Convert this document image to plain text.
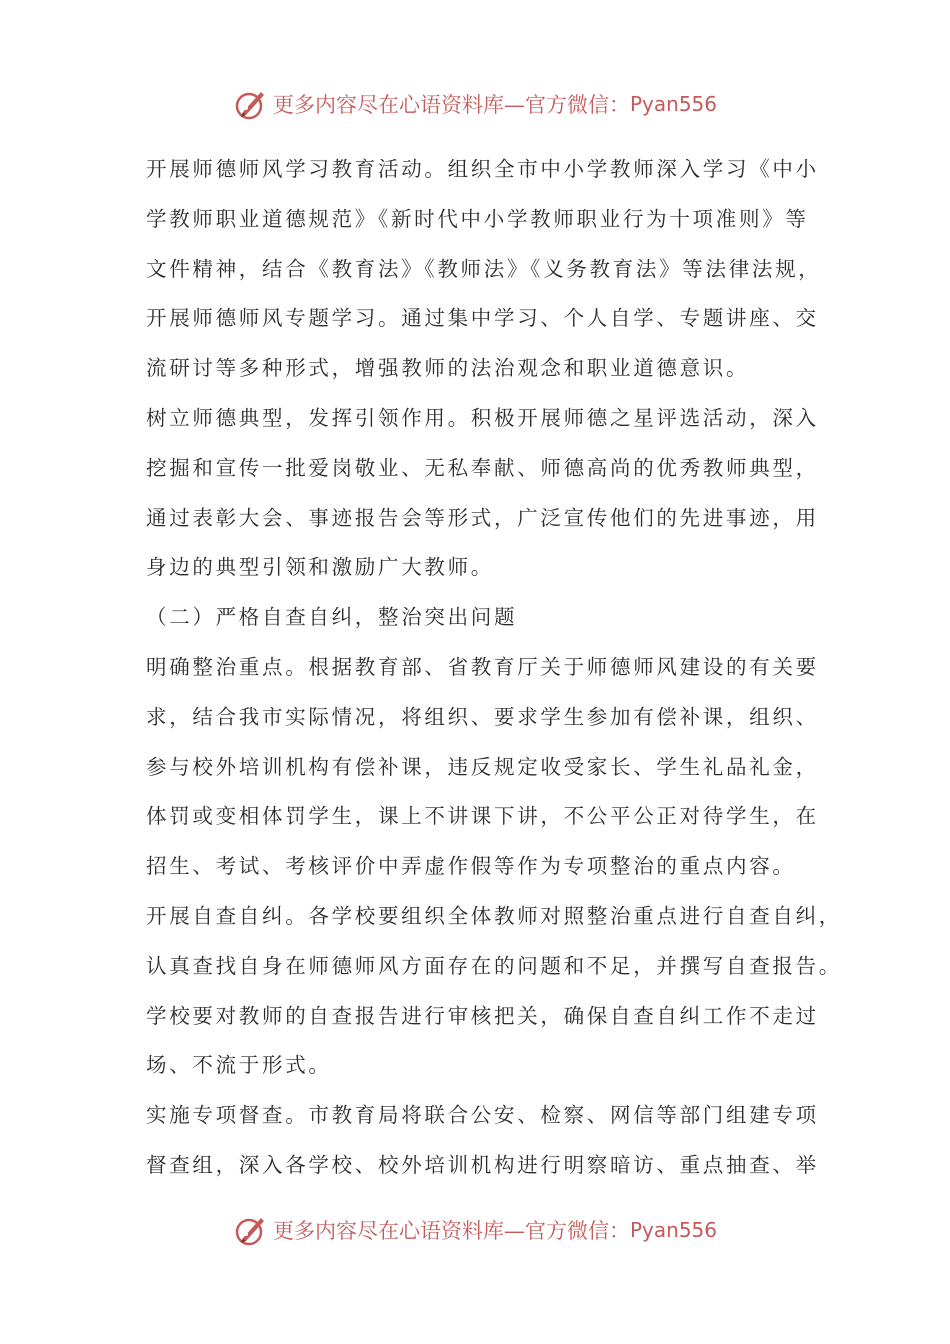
更多内容尽在心语资料库—官方微信： Pyan556
开展师德师风学习教育活动。组织全市中小学教师深入学习《中小
学教师职业道德规范》《新时代中小学教师职业行为十项准则》等
文件精神，结合《教育法》《教师法》《义务教育法》等法律法规，
开展师德师风专题学习。通过集中学习、个人自学、专题讲座、交
流研讨等多种形式，增强教师的法治观念和职业道德意识。
树立师德典型，发挥引领作用。积极开展师德之星评选活动，深入
挖掘和宣传一批爱岗敬业、无私奉献、师德高尚的优秀教师典型，
通过表彰大会、事迹报告会等形式，广泛宣传他们的先进事迹，用
身边的典型引领和激励广大教师。
（二）严格自查自纠，整治突出问题
明确整治重点。根据教育部、省教育厅关于师德师风建设的有关要
求，结合我市实际情况，将组织、要求学生参加有偿补课，组织、
参与校外培训机构有偿补课，违反规定收受家长、学生礼品礼金，
体罚或变相体罚学生，课上不讲课下讲，不公平公正对待学生，在
招生、考试、考核评价中弄虚作假等作为专项整治的重点内容。
开展自查自纠。各学校要组织全体教师对照整治重点进行自查自纠，
认真查找自身在师德师风方面存在的问题和不足，并撰写自查报告。
学校要对教师的自查报告进行审核把关，确保自查自纠工作不走过
场、不流于形式。
实施专项督查。市教育局将联合公安、检察、网信等部门组建专项
督查组，深入各学校、校外培训机构进行明察暗访、重点抽查、举
更多内容尽在心语资料库—官方微信： Pyan556
